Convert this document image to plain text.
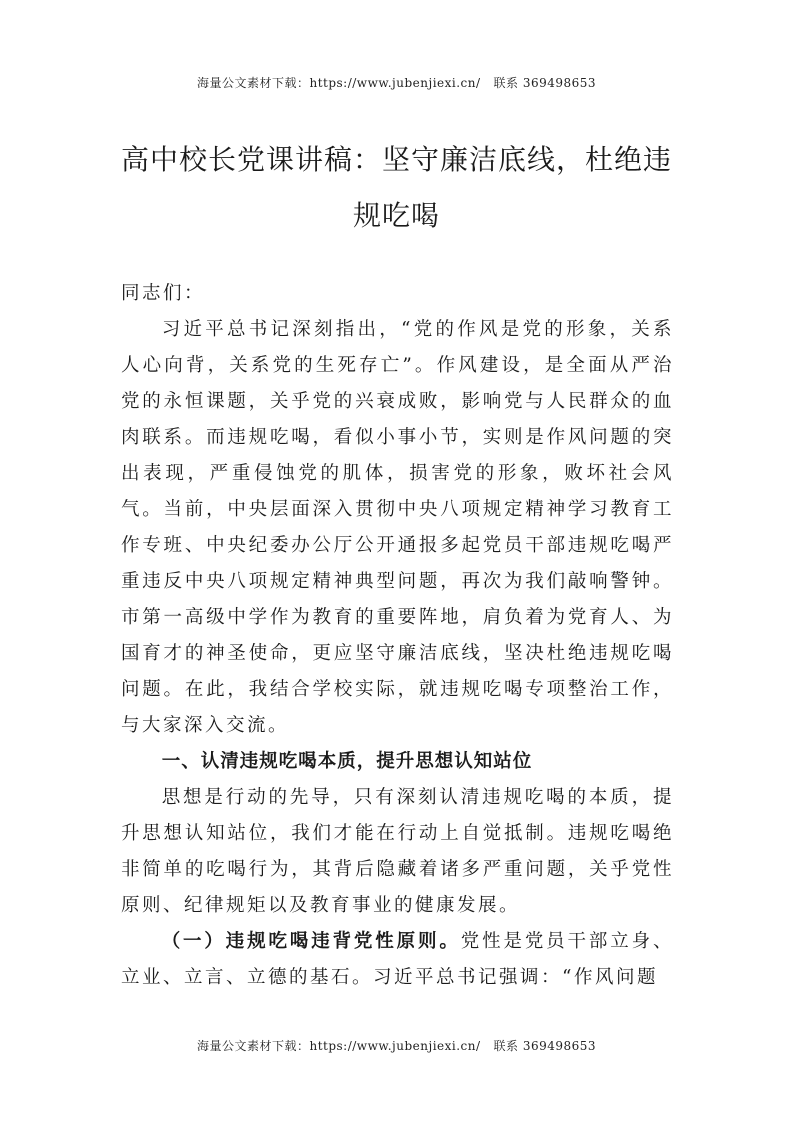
海量公文素材下载：https://www.jubenjiexi.cn/ 联系 369498653
高中校长党课讲稿：坚守廉洁底线，杜绝违规吃喝

同志们：

习近平总书记深刻指出，“党的作风是党的形象，关系人心向背，关系党的生死存亡”。作风建设，是全面从严治党的永恒课题，关乎党的兴衰成败，影响党与人民群众的血肉联系。而违规吃喝，看似小事小节，实则是作风问题的突出表现，严重侵蚀党的肌体，损害党的形象，败坏社会风气。当前，中央层面深入贯彻中央八项规定精神学习教育工作专班、中央纪委办公厅公开通报多起党员干部违规吃喝严重违反中央八项规定精神典型问题，再次为我们敲响警钟。市第一高级中学作为教育的重要阵地，肩负着为党育人、为国育才的神圣使命，更应坚守廉洁底线，坚决杜绝违规吃喝问题。在此，我结合学校实际，就违规吃喝专项整治工作，与大家深入交流。

一、认清违规吃喝本质，提升思想认知站位

思想是行动的先导，只有深刻认清违规吃喝的本质，提升思想认知站位，我们才能在行动上自觉抵制。违规吃喝绝非简单的吃喝行为，其背后隐藏着诸多严重问题，关乎党性原则、纪律规矩以及教育事业的健康发展。

（一）违规吃喝违背党性原则。党性是党员干部立身、立业、立言、立德的基石。习近平总书记强调：“作风问题

海量公文素材下载：https://www.jubenjiexi.cn/ 联系 369498653
